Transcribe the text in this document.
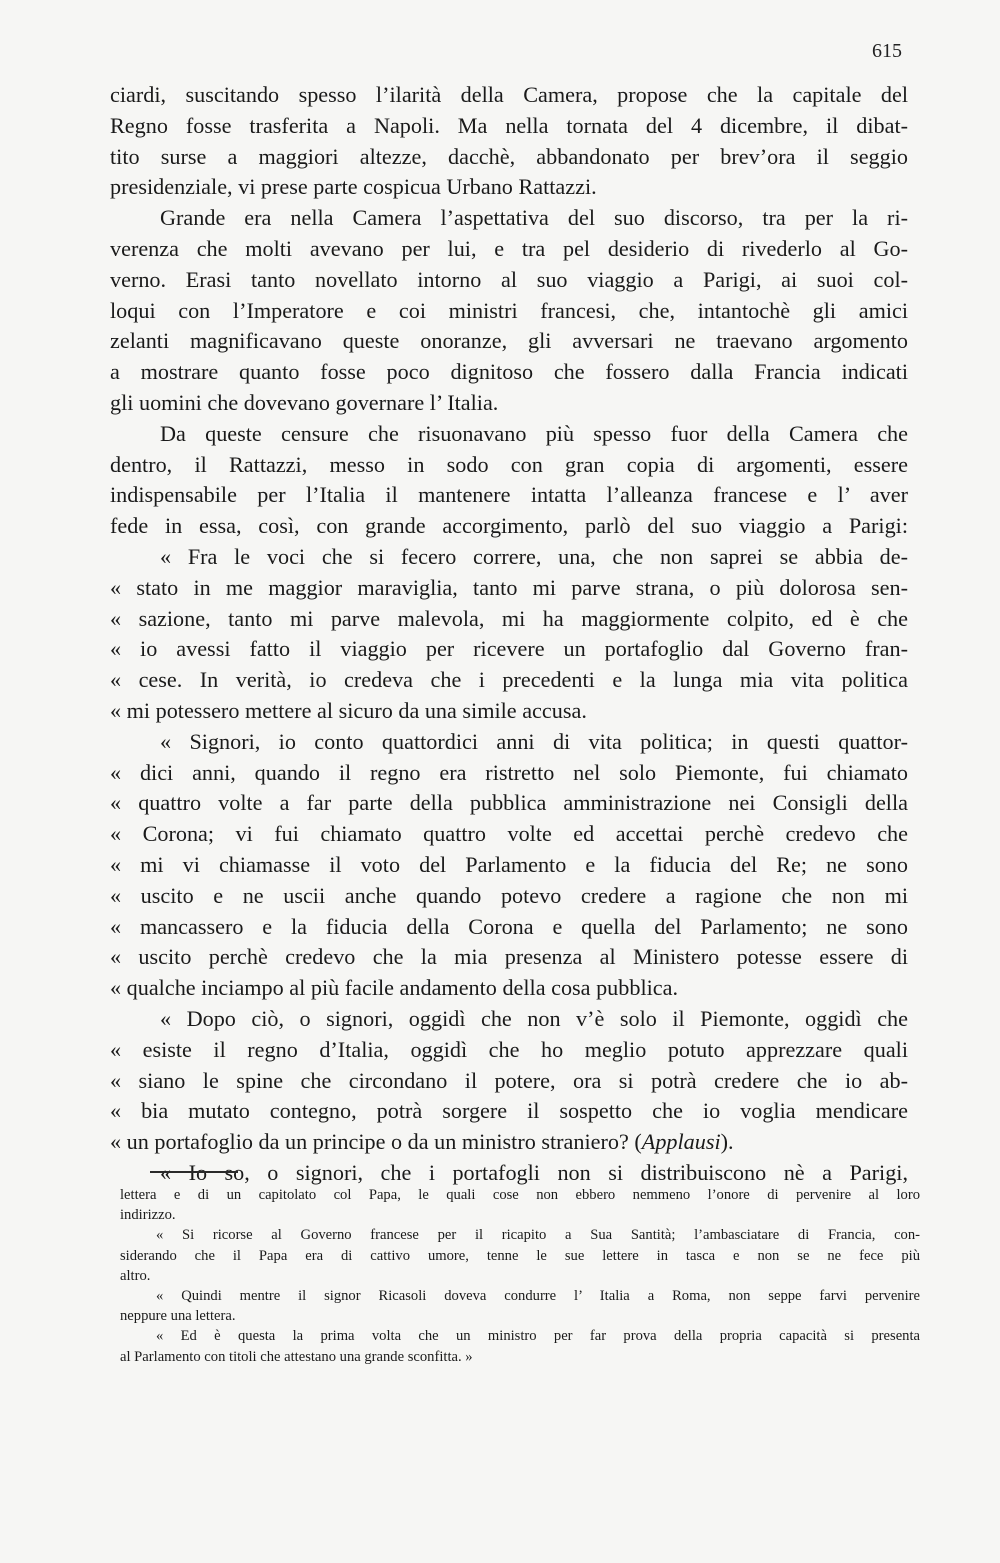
615
ciardi, suscitando spesso l’ilarità della Camera, propose che la capitale del
Regno fosse trasferita a Napoli. Ma nella tornata del 4 dicembre, il dibat-
tito surse a maggiori altezze, dacchè, abbandonato per brev’ora il seggio
presidenziale, vi prese parte cospicua Urbano Rattazzi.
Grande era nella Camera l’aspettativa del suo discorso, tra per la ri-
verenza che molti avevano per lui, e tra pel desiderio di rivederlo al Go-
verno. Erasi tanto novellato intorno al suo viaggio a Parigi, ai suoi col-
loqui con l’Imperatore e coi ministri francesi, che, intantochè gli amici
zelanti magnificavano queste onoranze, gli avversari ne traevano argomento
a mostrare quanto fosse poco dignitoso che fossero dalla Francia indicati
gli uomini che dovevano governare l’ Italia.
Da queste censure che risuonavano più spesso fuor della Camera che
dentro, il Rattazzi, messo in sodo con gran copia di argomenti, essere
indispensabile per l’Italia il mantenere intatta l’alleanza francese e l’ aver
fede in essa, così, con grande accorgimento, parlò del suo viaggio a Parigi:
« Fra le voci che si fecero correre, una, che non saprei se abbia de-
« stato in me maggior maraviglia, tanto mi parve strana, o più dolorosa sen-
« sazione, tanto mi parve malevola, mi ha maggiormente colpito, ed è che
« io avessi fatto il viaggio per ricevere un portafoglio dal Governo fran-
« cese. In verità, io credeva che i precedenti e la lunga mia vita politica
« mi potessero mettere al sicuro da una simile accusa.
« Signori, io conto quattordici anni di vita politica; in questi quattor-
« dici anni, quando il regno era ristretto nel solo Piemonte, fui chiamato
« quattro volte a far parte della pubblica amministrazione nei Consigli della
« Corona; vi fui chiamato quattro volte ed accettai perchè credevo che
« mi vi chiamasse il voto del Parlamento e la fiducia del Re; ne sono
« uscito e ne uscii anche quando potevo credere a ragione che non mi
« mancassero e la fiducia della Corona e quella del Parlamento; ne sono
« uscito perchè credevo che la mia presenza al Ministero potesse essere di
« qualche inciampo al più facile andamento della cosa pubblica.
« Dopo ciò, o signori, oggidì che non v’è solo il Piemonte, oggidì che
« esiste il regno d’Italia, oggidì che ho meglio potuto apprezzare quali
« siano le spine che circondano il potere, ora si potrà credere che io ab-
« bia mutato contegno, potrà sorgere il sospetto che io voglia mendicare
« un portafoglio da un principe o da un ministro straniero? (Applausi).
« Io so, o signori, che i portafogli non si distribuiscono nè a Parigi,
lettera e di un capitolato col Papa, le quali cose non ebbero nemmeno l’onore di pervenire al loro
indirizzo.
« Si ricorse al Governo francese per il ricapito a Sua Santità; l’ambasciatare di Francia, con-
siderando che il Papa era di cattivo umore, tenne le sue lettere in tasca e non se ne fece più
altro.
« Quindi mentre il signor Ricasoli doveva condurre l’ Italia a Roma, non seppe farvi pervenire
neppure una lettera.
« Ed è questa la prima volta che un ministro per far prova della propria capacità si presenta
al Parlamento con titoli che attestano una grande sconfitta. »
